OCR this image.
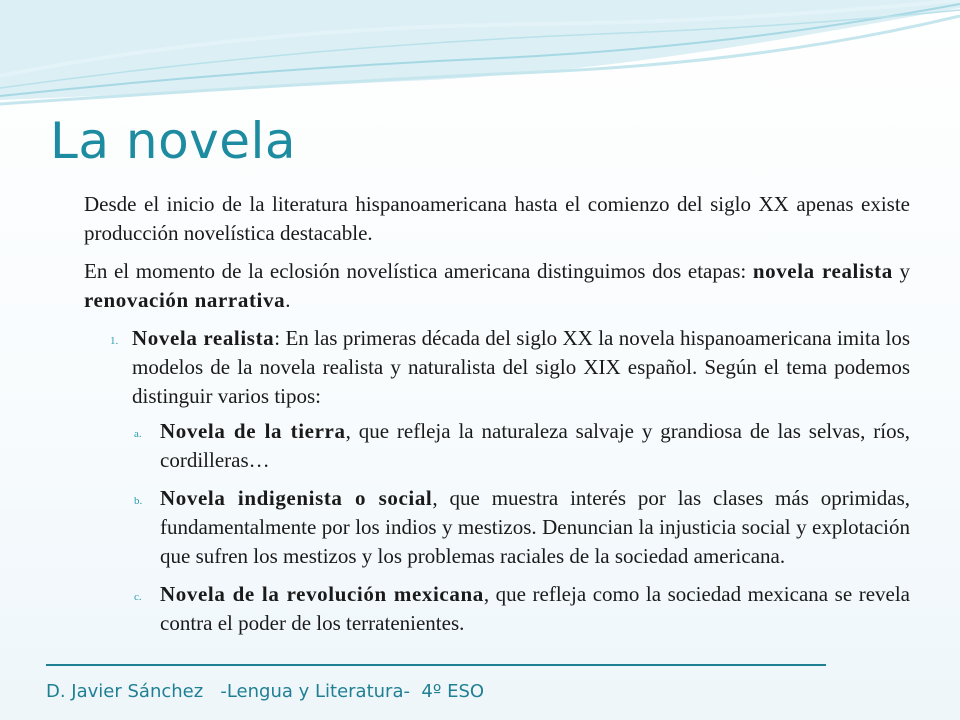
La novela

Desde el inicio de la literatura hispanoamericana hasta el comienzo del siglo XX apenas existe producción novelística destacable.

En el momento de la eclosión novelística americana distinguimos dos etapas: novela realista y renovación narrativa.

1. Novela realista: En las primeras década del siglo XX la novela hispanoamericana imita los modelos de la novela realista y naturalista del siglo XIX español. Según el tema podemos distinguir varios tipos:
a. Novela de la tierra, que refleja la naturaleza salvaje y grandiosa de las selvas, ríos, cordilleras…
b. Novela indigenista o social, que muestra interés por las clases más oprimidas, fundamentalmente por los indios y mestizos. Denuncian la injusticia social y explotación que sufren los mestizos y los problemas raciales de la sociedad americana.
c. Novela de la revolución mexicana, que refleja como la sociedad mexicana se revela contra el poder de los terratenientes.
D. Javier Sánchez   -Lengua y Literatura-  4º ESO
